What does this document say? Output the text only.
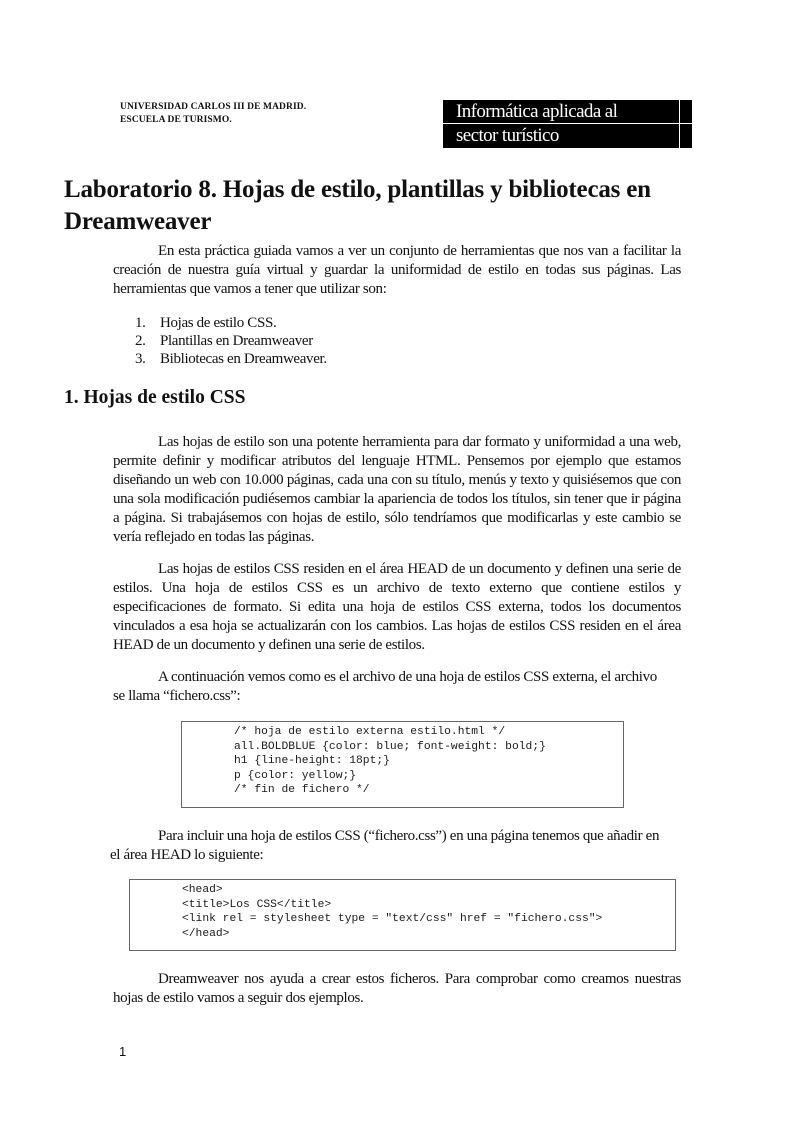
UNIVERSIDAD CARLOS III DE MADRID.
ESCUELA DE TURISMO.	Informática aplicada al
sector turístico
Laboratorio 8. Hojas de estilo, plantillas y bibliotecas en Dreamweaver

En esta práctica guiada vamos a ver un conjunto de herramientas que nos van a facilitar la creación de nuestra guía virtual y guardar la uniformidad de estilo en todas sus páginas. Las herramientas que vamos a tener que utilizar son:

1. Hojas de estilo CSS.
2. Plantillas en Dreamweaver
3. Bibliotecas en Dreamweaver.
1. Hojas de estilo CSS

Las hojas de estilo son una potente herramienta para dar formato y uniformidad a una web, permite definir y modificar atributos del lenguaje HTML. Pensemos por ejemplo que estamos diseñando un web con 10.000 páginas, cada una con su título, menús y texto y quisiésemos que con una sola modificación pudiésemos cambiar la apariencia de todos los títulos, sin tener que ir página a página. Si trabajásemos con hojas de estilo, sólo tendríamos que modificarlas y este cambio se vería reflejado en todas las páginas.

Las hojas de estilos CSS residen en el área HEAD de un documento y definen una serie de estilos. Una hoja de estilos CSS es un archivo de texto externo que contiene estilos y especificaciones de formato. Si edita una hoja de estilos CSS externa, todos los documentos vinculados a esa hoja se actualizarán con los cambios. Las hojas de estilos CSS residen en el área HEAD de un documento y definen una serie de estilos.

A continuación vemos como es el archivo de una hoja de estilos CSS externa, el archivo
se llama “fichero.css”:
/* hoja de estilo externa estilo.html */
all.BOLDBLUE {color: blue; font-weight: bold;}
h1 {line-height: 18pt;}
p {color: yellow;}
/* fin de fichero */
Para incluir una hoja de estilos CSS (“fichero.css”) en una página tenemos que añadir en
el área HEAD lo siguiente:
<head>
<title>Los CSS</title>
<link rel = stylesheet type = "text/css" href = "fichero.css">
</head>

Dreamweaver nos ayuda a crear estos ficheros. Para comprobar como creamos nuestras hojas de estilo vamos a seguir dos ejemplos.

1
